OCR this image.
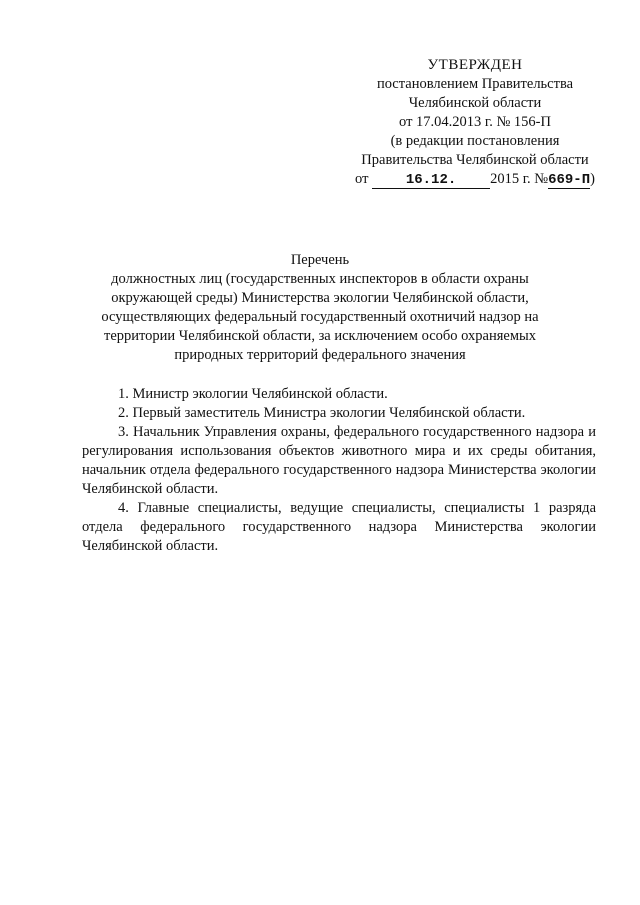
УТВЕРЖДЕН
постановлением Правительства
Челябинской области
от 17.04.2013 г. № 156-П
(в редакции постановления
Правительства Челябинской области
от	16.12. 2015 г. №669-П)
Перечень
должностных лиц (государственных инспекторов в области охраны
окружающей среды) Министерства экологии Челябинской области,
осуществляющих федеральный государственный охотничий надзор на
территории Челябинской области, за исключением особо охраняемых
природных территорий федерального значения

1. Министр экологии Челябинской области.

2. Первый заместитель Министра экологии Челябинской области.

3. Начальник Управления охраны, федерального государственного надзора и регулирования использования объектов животного мира и их среды обитания, начальник отдела федерального государственного надзора Министерства экологии Челябинской области.

4. Главные специалисты, ведущие специалисты, специалисты 1 разряда отдела федерального государственного надзора Министерства экологии Челябинской области.
